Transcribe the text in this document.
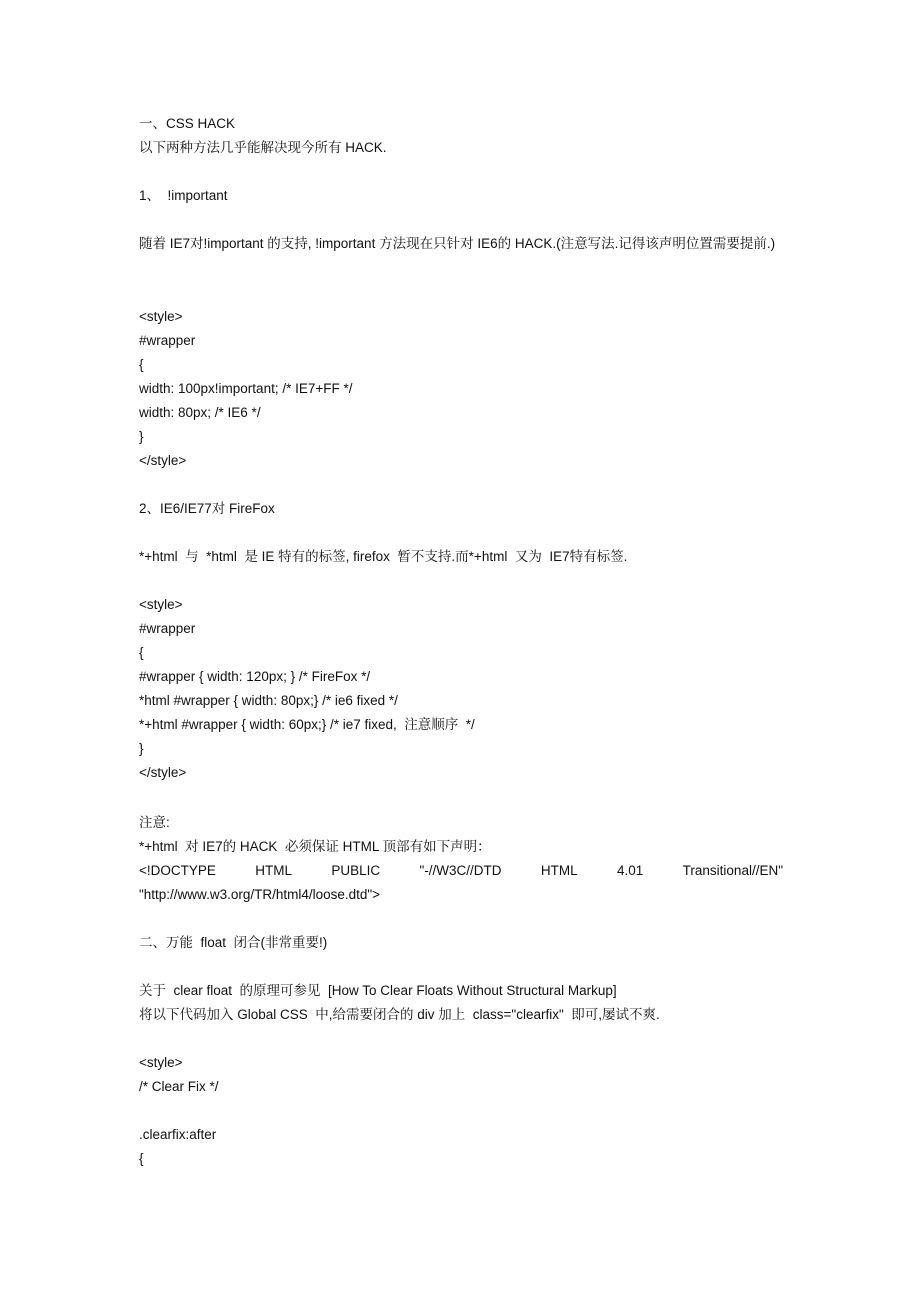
一、CSS HACK
以下两种方法几乎能解决现今所有 HACK.
1、  !important
随着 IE7对!important 的支持, !important 方法现在只针对 IE6的 HACK.(注意写法.记得该声明位置需要提前.)
<style>
#wrapper
{
width: 100px!important; /* IE7+FF */
width: 80px; /* IE6 */
}
</style>
2、IE6/IE77对 FireFox
*+html  与  *html  是 IE 特有的标签, firefox  暂不支持.而*+html  又为  IE7特有标签.
<style>
#wrapper
{
#wrapper { width: 120px; } /* FireFox */
*html #wrapper { width: 80px;} /* ie6 fixed */
*+html #wrapper { width: 60px;} /* ie7 fixed,  注意顺序  */
}
</style>
注意:
*+html  对 IE7的 HACK  必须保证 HTML 顶部有如下声明：
<!DOCTYPE	HTML	PUBLIC	"-//W3C//DTD	HTML	4.01	Transitional//EN"
"http://www.w3.org/TR/html4/loose.dtd">
二、万能  float  闭合(非常重要!)
关于  clear float  的原理可参见  [How To Clear Floats Without Structural Markup]
将以下代码加入 Global CSS  中,给需要闭合的 div 加上  class="clearfix"  即可,屡试不爽.
<style>
/* Clear Fix */
.clearfix:after
{
